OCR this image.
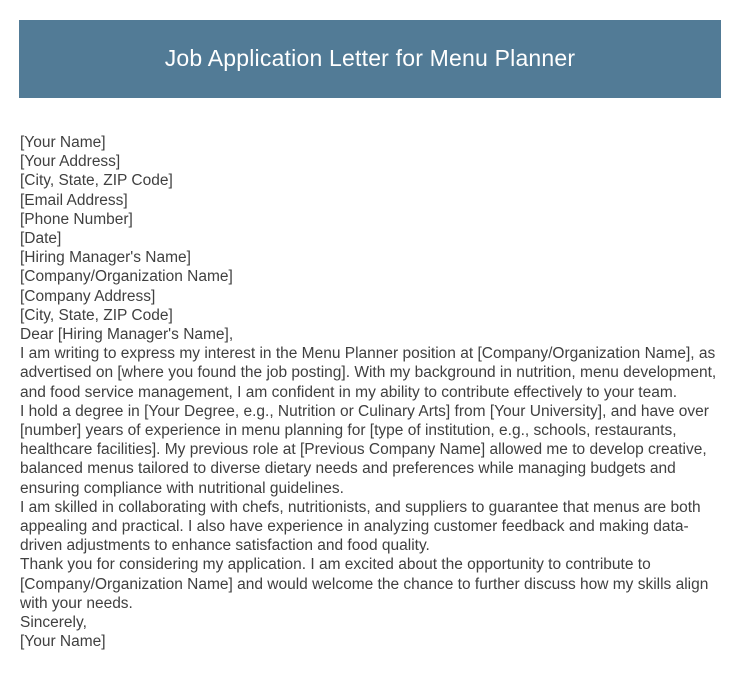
Job Application Letter for Menu Planner
[Your Name]
[Your Address]
[City, State, ZIP Code]
[Email Address]
[Phone Number]
[Date]
[Hiring Manager's Name]
[Company/Organization Name]
[Company Address]
[City, State, ZIP Code]
Dear [Hiring Manager's Name],
I am writing to express my interest in the Menu Planner position at [Company/Organization Name], as advertised on [where you found the job posting]. With my background in nutrition, menu development, and food service management, I am confident in my ability to contribute effectively to your team.
I hold a degree in [Your Degree, e.g., Nutrition or Culinary Arts] from [Your University], and have over [number] years of experience in menu planning for [type of institution, e.g., schools, restaurants, healthcare facilities]. My previous role at [Previous Company Name] allowed me to develop creative, balanced menus tailored to diverse dietary needs and preferences while managing budgets and ensuring compliance with nutritional guidelines.
I am skilled in collaborating with chefs, nutritionists, and suppliers to guarantee that menus are both appealing and practical. I also have experience in analyzing customer feedback and making data-driven adjustments to enhance satisfaction and food quality.
Thank you for considering my application. I am excited about the opportunity to contribute to [Company/Organization Name] and would welcome the chance to further discuss how my skills align with your needs.
Sincerely,
[Your Name]
